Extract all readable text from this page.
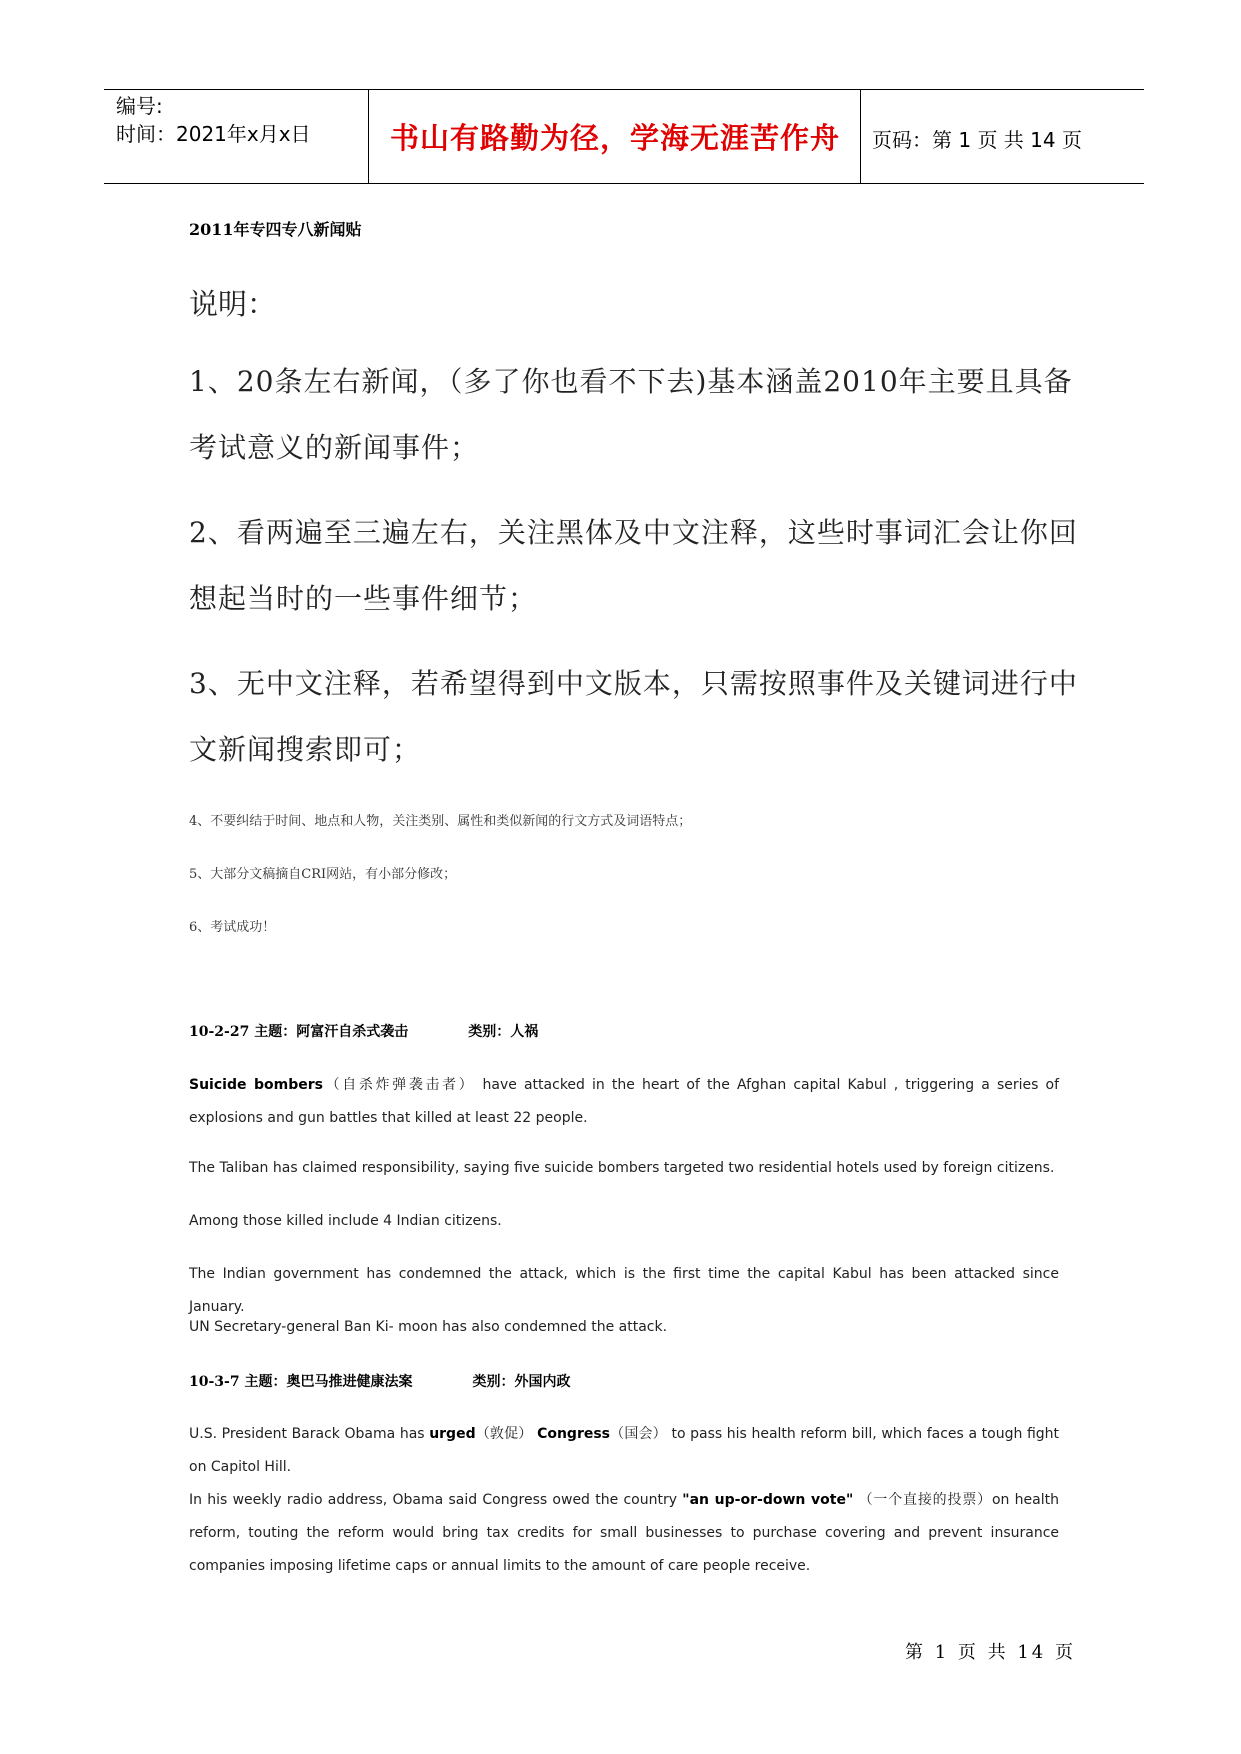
编号:
时间：2021年x月x日	书山有路勤为径，学海无涯苦作舟	页码：第 1 页 共 14 页
2011年专四专八新闻贴
说明：
1、20条左右新闻，（多了你也看不下去)基本涵盖2010年主要且具备考试意义的新闻事件；
2、看两遍至三遍左右，关注黑体及中文注释，这些时事词汇会让你回想起当时的一些事件细节；
3、无中文注释，若希望得到中文版本，只需按照事件及关键词进行中文新闻搜索即可；
4、不要纠结于时间、地点和人物，关注类别、属性和类似新闻的行文方式及词语特点；
5、大部分文稿摘自CRI网站，有小部分修改；
6、考试成功！
10-2-27 主题：阿富汗自杀式袭击	类别：人祸
Suicide bombers（自杀炸弹袭击者） have attacked in the heart of the Afghan capital Kabul , triggering a series of explosions and gun battles that killed at least 22 people.
The Taliban has claimed responsibility, saying five suicide bombers targeted two residential hotels used by foreign citizens.
Among those killed include 4 Indian citizens.
The Indian government has condemned the attack, which is the first time the capital Kabul has been attacked since January.
UN Secretary-general Ban Ki- moon has also condemned the attack.
10-3-7 主题：奥巴马推进健康法案	类别：外国内政
U.S. President Barack Obama has urged（敦促） Congress（国会） to pass his health reform bill, which faces a tough fight on Capitol Hill.
In his weekly radio address, Obama said Congress owed the country "an up-or-down vote" （一个直接的投票）on health reform, touting the reform would bring tax credits for small businesses to purchase covering and prevent insurance companies imposing lifetime caps or annual limits to the amount of care people receive.
第 1 页 共 14 页
